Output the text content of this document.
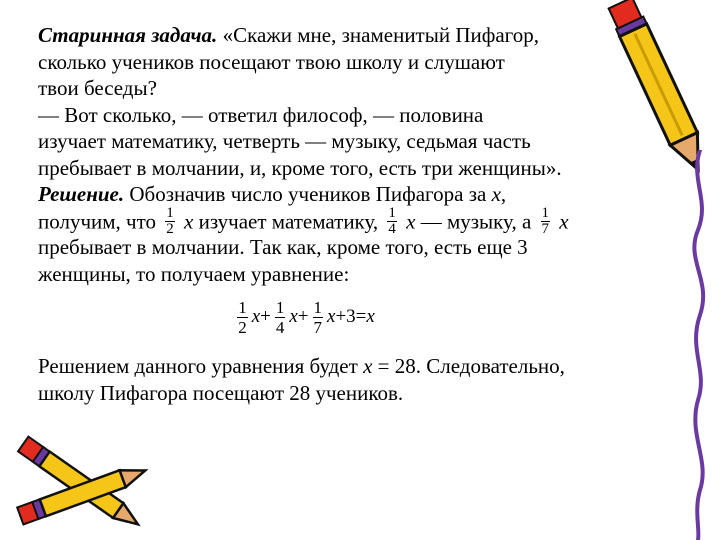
Старинная задача. «Скажи мне, знаменитый Пифагор,
сколько учеников посещают твою школу и слушают
твои беседы?
— Вот сколько, — ответил философ, — половина
изучает математику, четверть — музыку, седьмая часть
пребывает в молчании, и, кроме того, есть три женщины».
Решение. Обозначив число учеников Пифагора за x,
получим, что $\frac{1}{2}$ x изучает математику, $\frac{1}{4}$ x — музыку, а $\frac{1}{7}$ x
пребывает в молчании. Так как, кроме того, есть еще 3
женщины, то получаем уравнение:
$\frac{1}{2}$ $x + \frac{1}{4}$ $x + \frac{1}{7}$ x + 3 = x
Решением данного уравнения будет x = 28. Следовательно,
школу Пифагора посещают 28 учеников.
